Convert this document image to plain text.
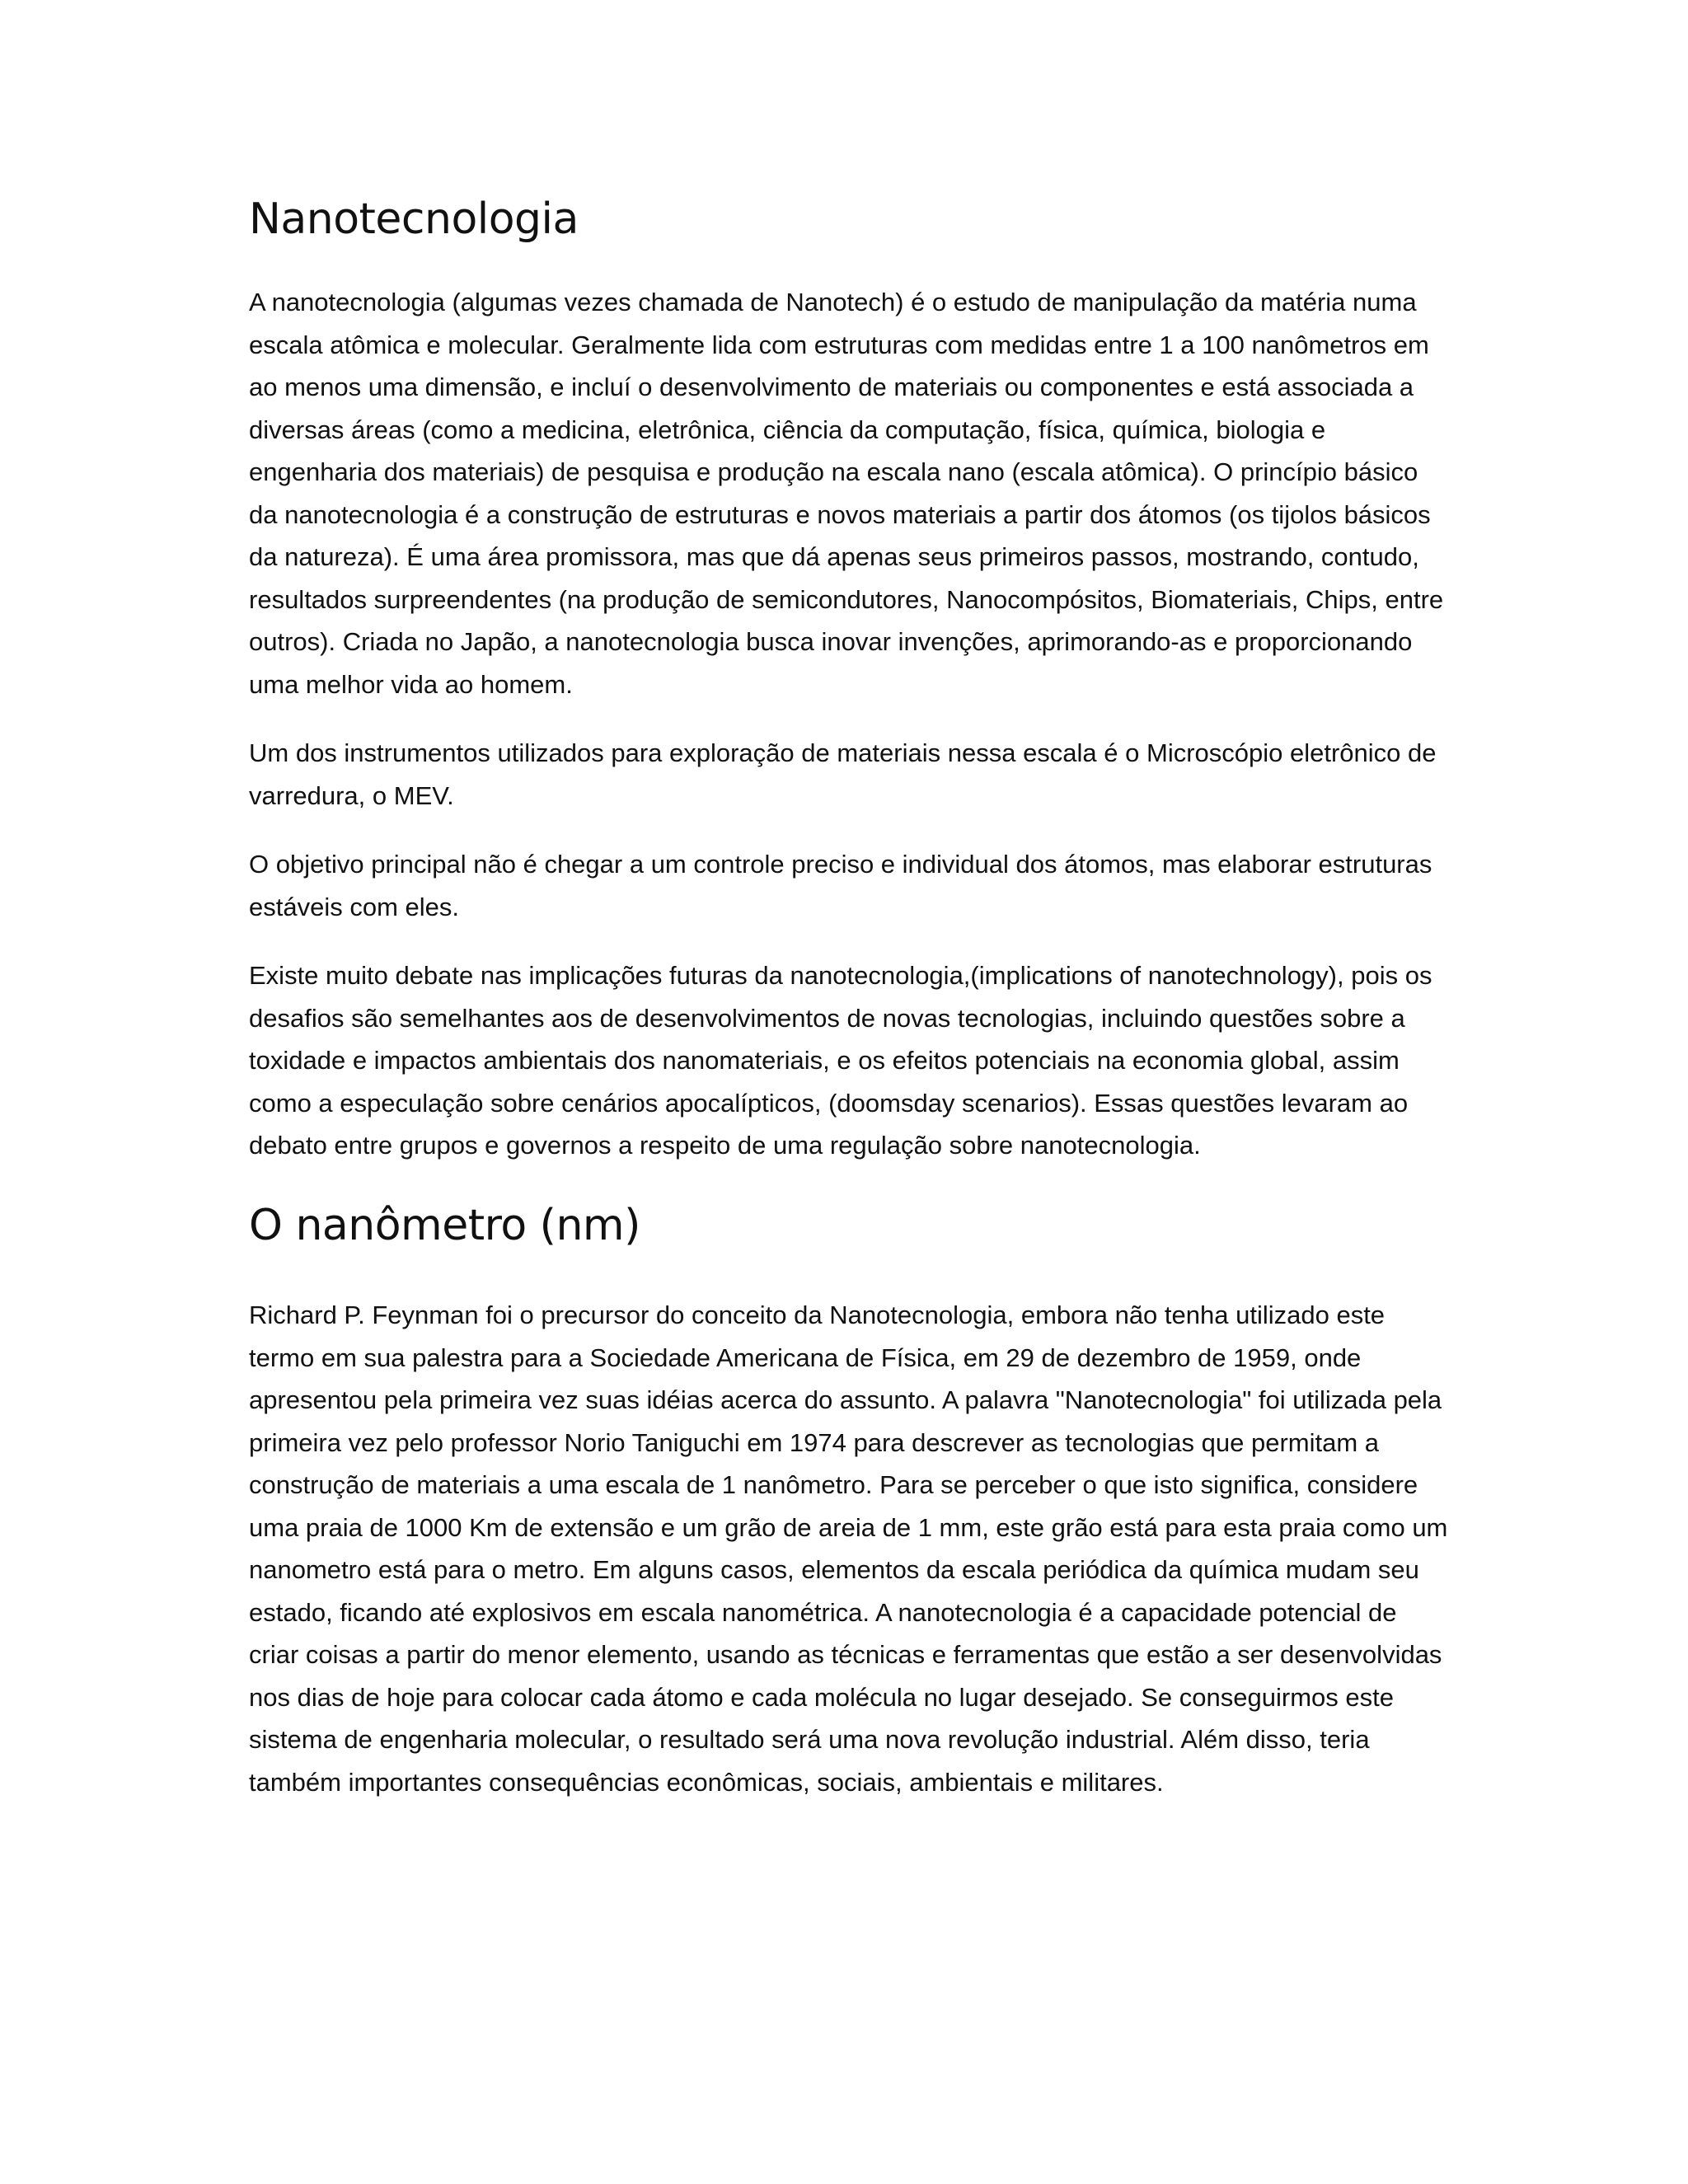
Nanotecnologia

A nanotecnologia (algumas vezes chamada de Nanotech) é o estudo de manipulação da matéria numa escala atômica e molecular. Geralmente lida com estruturas com medidas entre 1 a 100 nanômetros em ao menos uma dimensão, e incluí o desenvolvimento de materiais ou componentes e está associada a diversas áreas (como a medicina, eletrônica, ciência da computação, física, química, biologia e engenharia dos materiais) de pesquisa e produção na escala nano (escala atômica). O princípio básico da nanotecnologia é a construção de estruturas e novos materiais a partir dos átomos (os tijolos básicos da natureza). É uma área promissora, mas que dá apenas seus primeiros passos, mostrando, contudo, resultados surpreendentes (na produção de semicondutores, Nanocompósitos, Biomateriais, Chips, entre outros). Criada no Japão, a nanotecnologia busca inovar invenções, aprimorando-as e proporcionando uma melhor vida ao homem.

Um dos instrumentos utilizados para exploração de materiais nessa escala é o Microscópio eletrônico de varredura, o MEV.

O objetivo principal não é chegar a um controle preciso e individual dos átomos, mas elaborar estruturas estáveis com eles.

Existe muito debate nas implicações futuras da nanotecnologia,(implications of nanotechnology), pois os desafios são semelhantes aos de desenvolvimentos de novas tecnologias, incluindo questões sobre a toxidade e impactos ambientais dos nanomateriais, e os efeitos potenciais na economia global, assim como a especulação sobre cenários apocalípticos, (doomsday scenarios). Essas questões levaram ao debato entre grupos e governos a respeito de uma regulação sobre nanotecnologia.

O nanômetro (nm)

Richard P. Feynman foi o precursor do conceito da Nanotecnologia, embora não tenha utilizado este termo em sua palestra para a Sociedade Americana de Física, em 29 de dezembro de 1959, onde apresentou pela primeira vez suas idéias acerca do assunto. A palavra "Nanotecnologia" foi utilizada pela primeira vez pelo professor Norio Taniguchi em 1974 para descrever as tecnologias que permitam a construção de materiais a uma escala de 1 nanômetro. Para se perceber o que isto significa, considere uma praia de 1000 Km de extensão e um grão de areia de 1 mm, este grão está para esta praia como um nanometro está para o metro. Em alguns casos, elementos da escala periódica da química mudam seu estado, ficando até explosivos em escala nanométrica. A nanotecnologia é a capacidade potencial de criar coisas a partir do menor elemento, usando as técnicas e ferramentas que estão a ser desenvolvidas nos dias de hoje para colocar cada átomo e cada molécula no lugar desejado. Se conseguirmos este sistema de engenharia molecular, o resultado será uma nova revolução industrial. Além disso, teria também importantes consequências econômicas, sociais, ambientais e militares.
